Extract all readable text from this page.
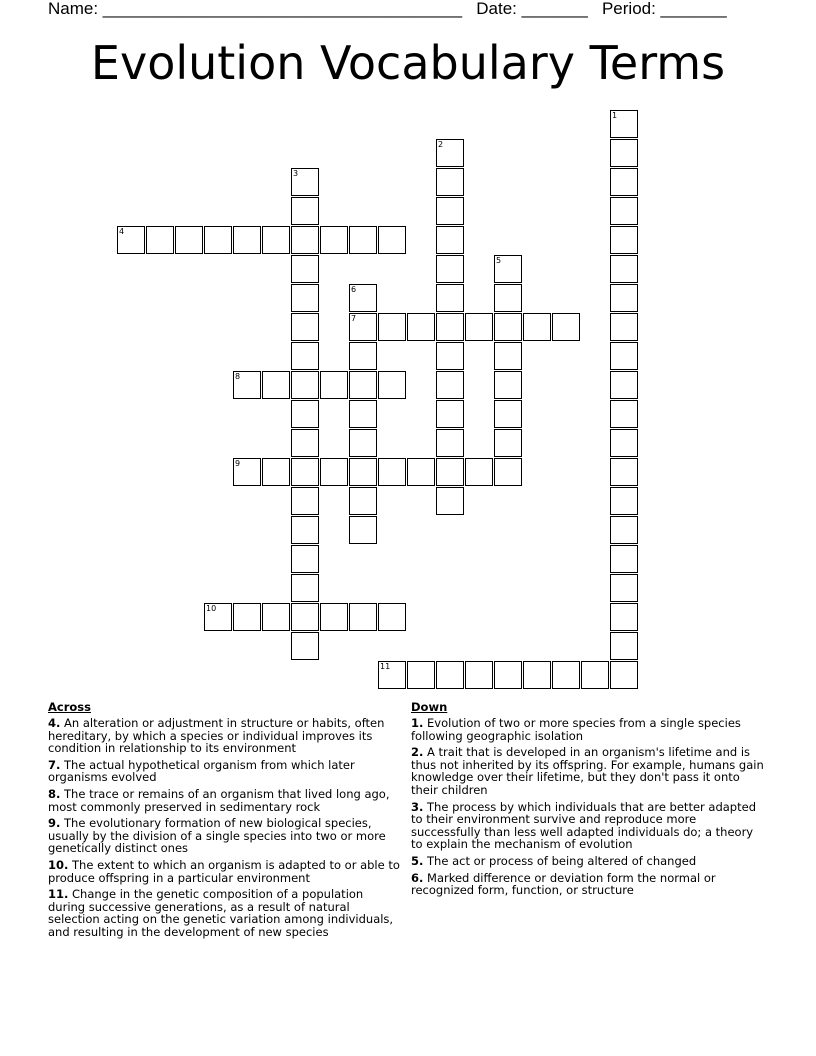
Name: ______________________________________ Date: _______ Period: _______
Evolution Vocabulary Terms
1
2
3
4
5
6
7
8
9
10
11
Across
4. An alteration or adjustment in structure or habits, often hereditary, by which a species or individual improves its condition in relationship to its environment
7. The actual hypothetical organism from which later organisms evolved
8. The trace or remains of an organism that lived long ago, most commonly preserved in sedimentary rock
9. The evolutionary formation of new biological species, usually by the division of a single species into two or more genetically distinct ones
10. The extent to which an organism is adapted to or able to produce offspring in a particular environment
11. Change in the genetic composition of a population during successive generations, as a result of natural selection acting on the genetic variation among individuals, and resulting in the development of new species
Down
1. Evolution of two or more species from a single species following geographic isolation
2. A trait that is developed in an organism's lifetime and is thus not inherited by its offspring. For example, humans gain knowledge over their lifetime, but they don't pass it onto their children
3. The process by which individuals that are better adapted to their environment survive and reproduce more successfully than less well adapted individuals do; a theory to explain the mechanism of evolution
5. The act or process of being altered of changed
6. Marked difference or deviation form the normal or recognized form, function, or structure
